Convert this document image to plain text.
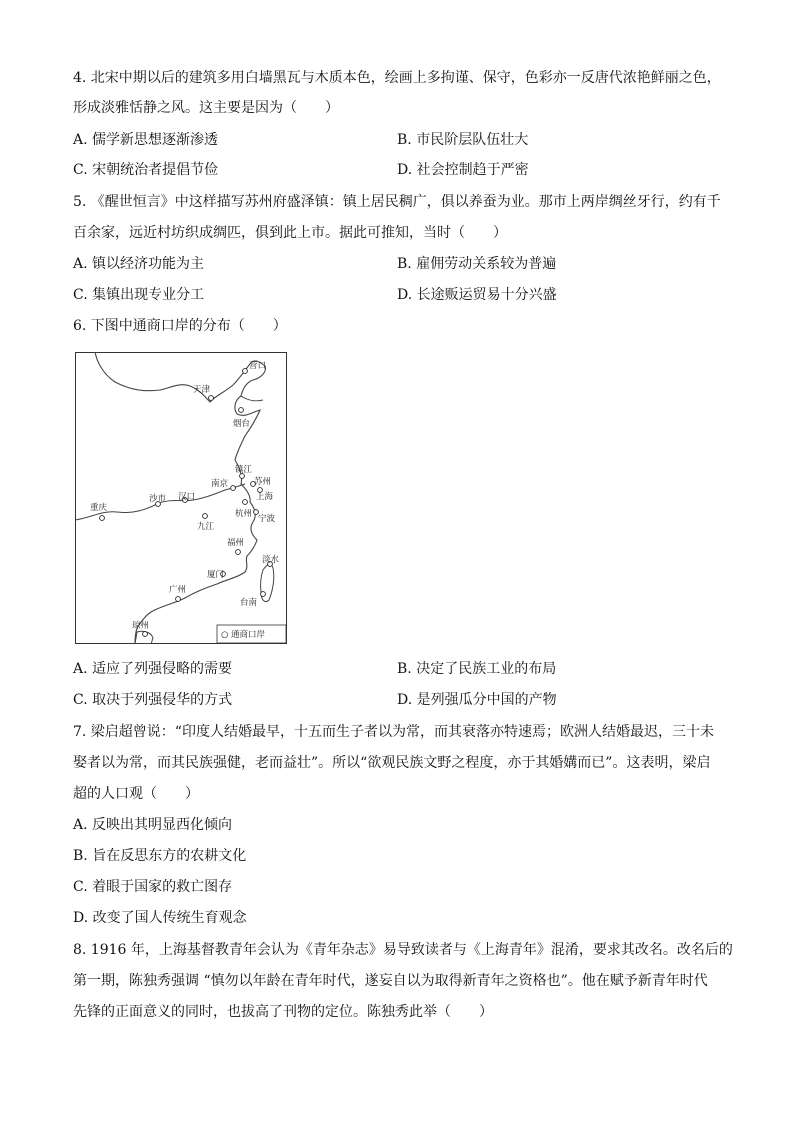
4. 北宋中期以后的建筑多用白墙黑瓦与木质本色，绘画上多拘谨、保守，色彩亦一反唐代浓艳鲜丽之色，
形成淡雅恬静之风。这主要是因为（　　）
A. 儒学新思想逐渐渗透	B. 市民阶层队伍壮大
C. 宋朝统治者提倡节俭	D. 社会控制趋于严密
5. 《醒世恒言》中这样描写苏州府盛泽镇：镇上居民稠广，俱以养蚕为业。那市上两岸绸丝牙行，约有千
百余家，远近村坊织成绸匹，俱到此上市。据此可推知，当时（　　）
A. 镇以经济功能为主	B. 雇佣劳动关系较为普遍
C. 集镇出现专业分工	D. 长途贩运贸易十分兴盛
6. 下图中通商口岸的分布（　　）
营口
天津
烟台
镇江
苏州
南京
上海
沙市 汉口
重庆
杭州 宁波
九江
福州
淡水
厦门
广州
台南
琼州
○ 通商口岸
A. 适应了列强侵略的需要	B. 决定了民族工业的布局
C. 取决于列强侵华的方式	D. 是列强瓜分中国的产物
7. 梁启超曾说：“印度人结婚最早，十五而生子者以为常，而其衰落亦特速焉；欧洲人结婚最迟，三十未
娶者以为常，而其民族强健，老而益壮”。所以“欲观民族文野之程度，亦于其婚媾而已”。这表明，梁启
超的人口观（　　）
A. 反映出其明显西化倾向
B. 旨在反思东方的农耕文化
C. 着眼于国家的救亡图存
D. 改变了国人传统生育观念
8. 1916 年，上海基督教青年会认为《青年杂志》易导致读者与《上海青年》混淆，要求其改名。改名后的
第一期，陈独秀强调 “慎勿以年龄在青年时代，遂妄自以为取得新青年之资格也”。他在赋予新青年时代
先锋的正面意义的同时，也拔高了刊物的定位。陈独秀此举（　　）
